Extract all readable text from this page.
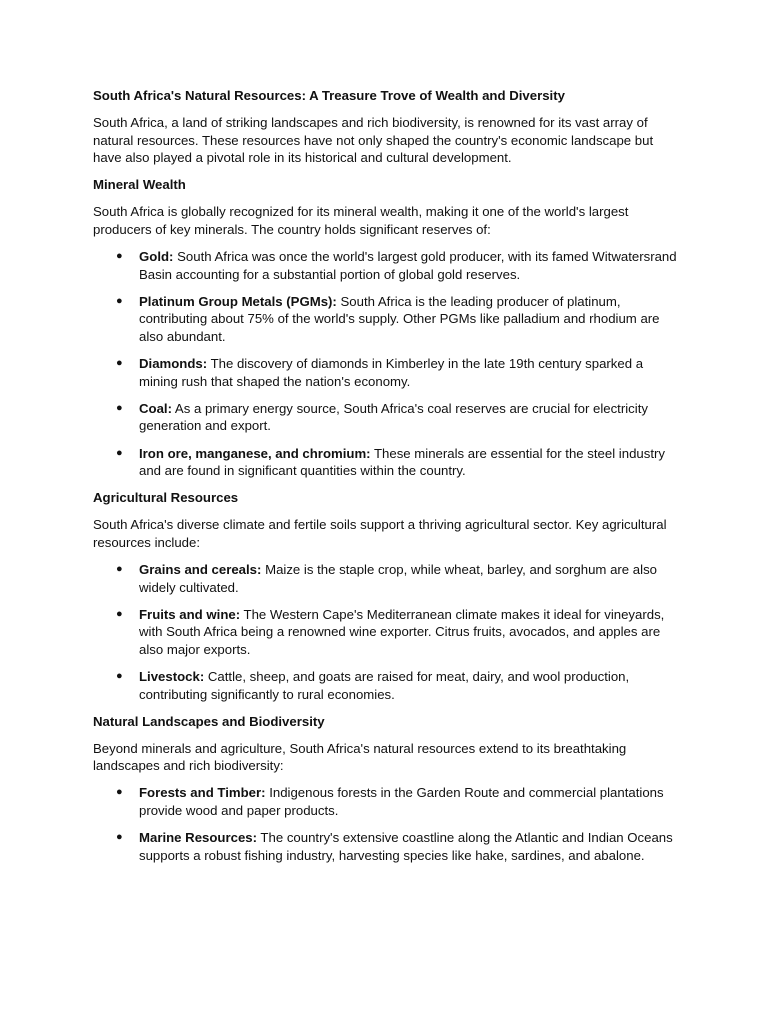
South Africa's Natural Resources: A Treasure Trove of Wealth and Diversity
South Africa, a land of striking landscapes and rich biodiversity, is renowned for its vast array of natural resources. These resources have not only shaped the country's economic landscape but have also played a pivotal role in its historical and cultural development.
Mineral Wealth
South Africa is globally recognized for its mineral wealth, making it one of the world's largest producers of key minerals. The country holds significant reserves of:
● Gold: South Africa was once the world's largest gold producer, with its famed Witwatersrand Basin accounting for a substantial portion of global gold reserves.
● Platinum Group Metals (PGMs): South Africa is the leading producer of platinum, contributing about 75% of the world's supply. Other PGMs like palladium and rhodium are also abundant.
● Diamonds: The discovery of diamonds in Kimberley in the late 19th century sparked a mining rush that shaped the nation's economy.
● Coal: As a primary energy source, South Africa's coal reserves are crucial for electricity generation and export.
● Iron ore, manganese, and chromium: These minerals are essential for the steel industry and are found in significant quantities within the country.
Agricultural Resources
South Africa's diverse climate and fertile soils support a thriving agricultural sector. Key agricultural resources include:
● Grains and cereals: Maize is the staple crop, while wheat, barley, and sorghum are also widely cultivated.
● Fruits and wine: The Western Cape's Mediterranean climate makes it ideal for vineyards, with South Africa being a renowned wine exporter. Citrus fruits, avocados, and apples are also major exports.
● Livestock: Cattle, sheep, and goats are raised for meat, dairy, and wool production, contributing significantly to rural economies.
Natural Landscapes and Biodiversity
Beyond minerals and agriculture, South Africa's natural resources extend to its breathtaking landscapes and rich biodiversity:
● Forests and Timber: Indigenous forests in the Garden Route and commercial plantations provide wood and paper products.
● Marine Resources: The country's extensive coastline along the Atlantic and Indian Oceans supports a robust fishing industry, harvesting species like hake, sardines, and abalone.
